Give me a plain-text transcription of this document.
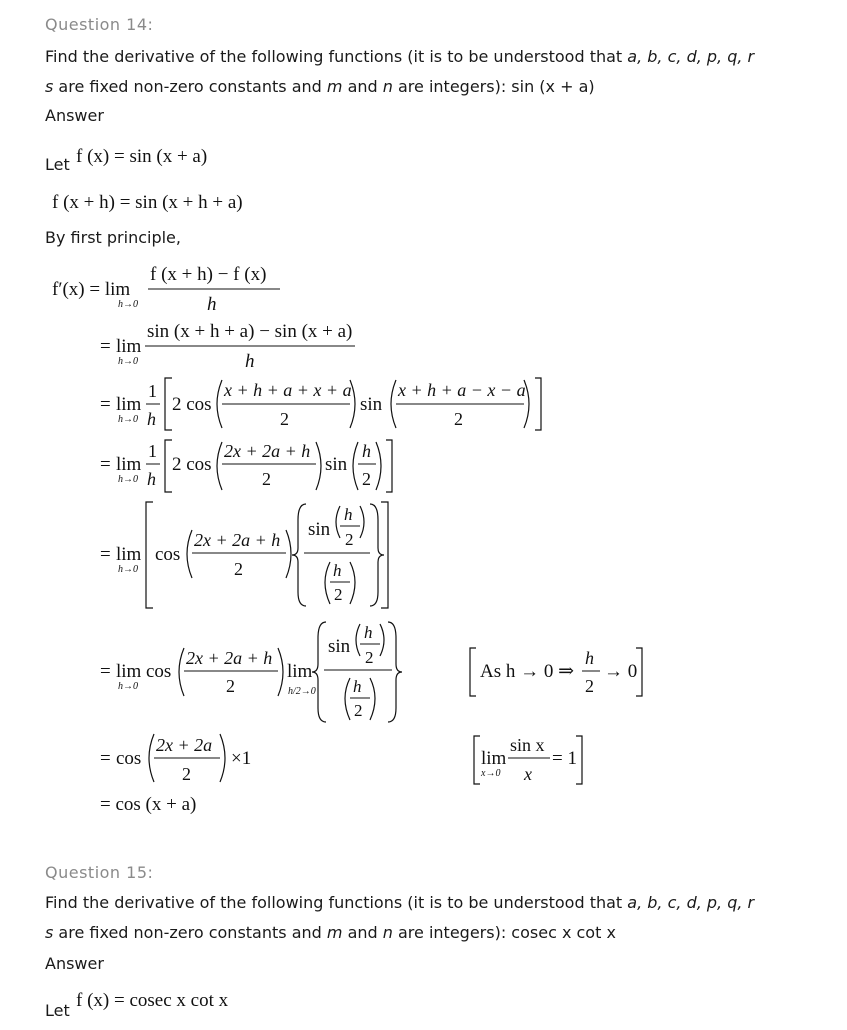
Question 14:
Find the derivative of the following functions (it is to be understood that a, b, c, d, p, q, r
s are fixed non-zero constants and m and n are integers): sin (x + a)
Answer
Let
By first principle,
f (x) = sin (x + a)
f (x + h) = sin (x + h + a)
f′(x) = lim
h→0
f (x + h) − f (x)
h
= lim
h→0
sin (x + h + a) − sin (x + a)
h
= lim
h→0
1
h
2 cos
x + h + a + x + a
2
sin
x + h + a − x − a
2
= lim
h→0
1
h
2 cos
2x + 2a + h
2
sin
h
2
= lim
h→0
cos
2x + 2a + h
2
sin
h
2
h
2
= lim
h→0
cos
2x + 2a + h
2
lim
h/2→0
sin
h
2
h
2
As h → 0 ⇒
h
2
→ 0
= cos
2x + 2a
2
×1	lim
x→0
sin x
x
= 1
= cos (x + a)
f (x) = cosec x cot x
Question 15:
Find the derivative of the following functions (it is to be understood that a, b, c, d, p, q, r
s are fixed non-zero constants and m and n are integers): cosec x cot x
Answer
Let
